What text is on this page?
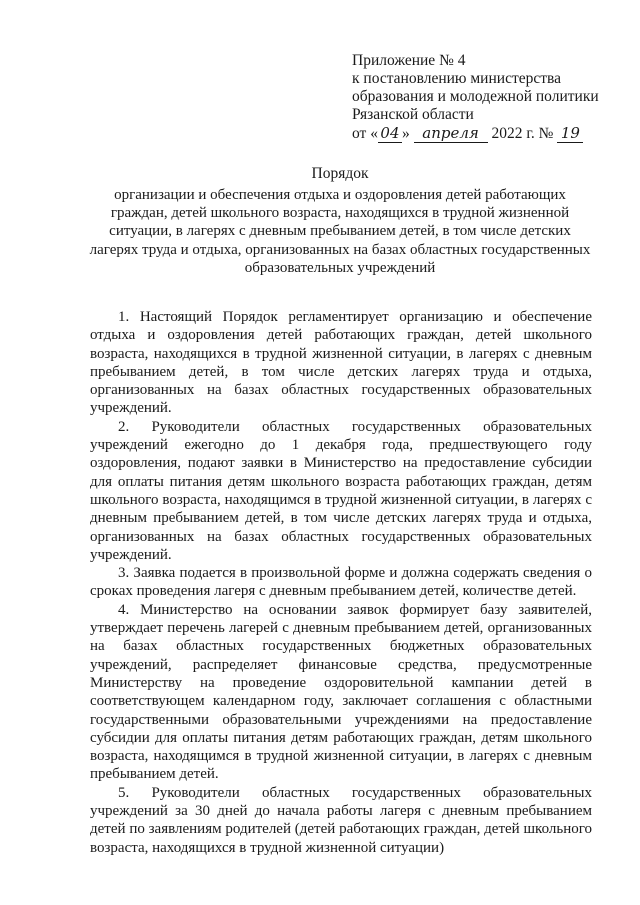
Приложение № 4
к постановлению министерства
образования и молодежной политики
Рязанской области
от « 04 » апреля 2022 г. № 19
Порядок
организации и обеспечения отдыха и оздоровления детей работающих граждан, детей школьного возраста, находящихся в трудной жизненной ситуации, в лагерях с дневным пребыванием детей, в том числе детских лагерях труда и отдыха, организованных на базах областных государственных образовательных учреждений

1. Настоящий Порядок регламентирует организацию и обеспечение отдыха и оздоровления детей работающих граждан, детей школьного возраста, находящихся в трудной жизненной ситуации, в лагерях с дневным пребыванием детей, в том числе детских лагерях труда и отдыха, организованных на базах областных государственных образовательных учреждений.

2. Руководители областных государственных образовательных учреждений ежегодно до 1 декабря года, предшествующего году оздоровления, подают заявки в Министерство на предоставление субсидии для оплаты питания детям школьного возраста работающих граждан, детям школьного возраста, находящимся в трудной жизненной ситуации, в лагерях с дневным пребыванием детей, в том числе детских лагерях труда и отдыха, организованных на базах областных государственных образовательных учреждений.

3. Заявка подается в произвольной форме и должна содержать сведения о сроках проведения лагеря с дневным пребыванием детей, количестве детей.

4. Министерство на основании заявок формирует базу заявителей, утверждает перечень лагерей с дневным пребыванием детей, организованных на базах областных государственных бюджетных образовательных учреждений, распределяет финансовые средства, предусмотренные Министерству на проведение оздоровительной кампании детей в соответствующем календарном году, заключает соглашения с областными государственными образовательными учреждениями на предоставление субсидии для оплаты питания детям работающих граждан, детям школьного возраста, находящимся в трудной жизненной ситуации, в лагерях с дневным пребыванием детей.

5. Руководители областных государственных образовательных учреждений за 30 дней до начала работы лагеря с дневным пребыванием детей по заявлениям родителей (детей работающих граждан, детей школьного возраста, находящихся в трудной жизненной ситуации)
